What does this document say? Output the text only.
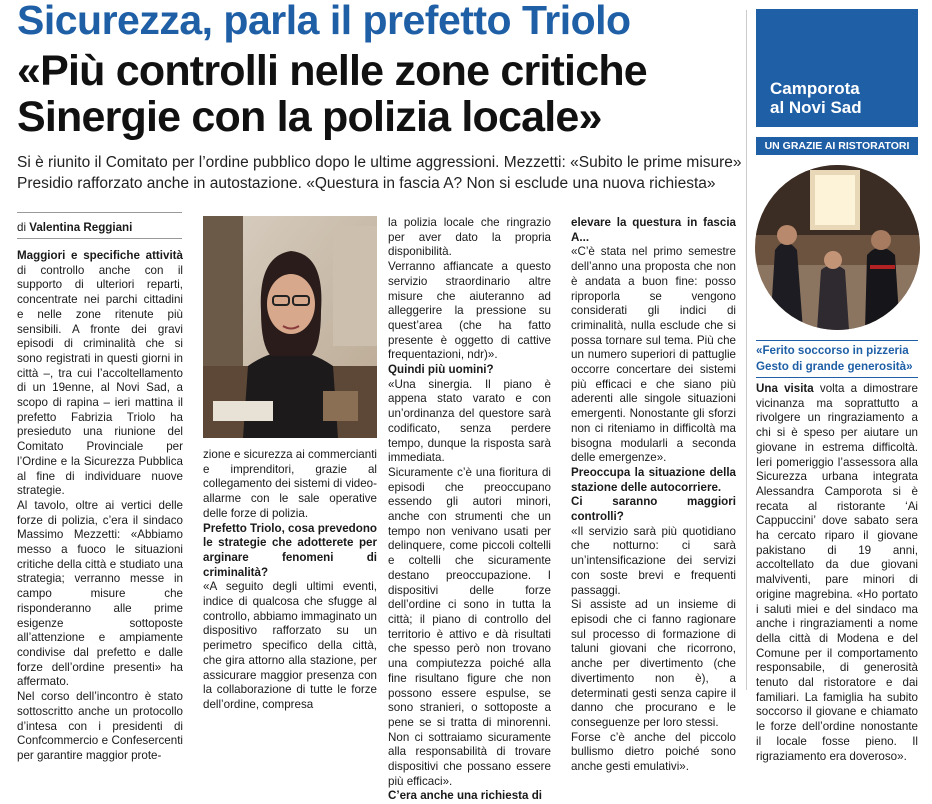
Sicurezza, parla il prefetto Triolo
«Più controlli nelle zone critiche
Sinergie con la polizia locale»
Si è riunito il Comitato per l’ordine pubblico dopo le ultime aggressioni. Mezzetti: «Subito le prime misure»
Presidio rafforzato anche in autostazione. «Questura in fascia A? Non si esclude una nuova richiesta»
di Valentina Reggiani

Maggiori e specifiche attività di controllo anche con il supporto di ulteriori reparti, concentrate nei parchi cittadini e nelle zone ritenute più sensibili. A fronte dei gravi episodi di criminalità che si sono registrati in questi giorni in città –, tra cui l’accoltellamento di un 19enne, al Novi Sad, a scopo di rapina – ieri mattina il prefetto Fabrizia Triolo ha presieduto una riunione del Comitato Provinciale per l’Ordine e la Sicurezza Pubblica al fine di individuare nuove strategie.

Al tavolo, oltre ai vertici delle forze di polizia, c’era il sindaco Massimo Mezzetti: «Abbiamo messo a fuoco le situazioni critiche della città e studiato una strategia; verranno messe in campo misure che risponderanno alle prime esigenze sottoposte all’attenzione e ampiamente condivise dal prefetto e dalle forze dell’ordine presenti» ha affermato.

Nel corso dell’incontro è stato sottoscritto anche un protocollo d’intesa con i presidenti di Confcommercio e Confesercenti per garantire maggior prote-

zione e sicurezza ai commercianti e imprenditori, grazie al collegamento dei sistemi di video-allarme con le sale operative delle forze di polizia.

Prefetto Triolo, cosa prevedono le strategie che adotterete per arginare fenomeni di criminalità?

«A seguito degli ultimi eventi, indice di qualcosa che sfugge al controllo, abbiamo immaginato un dispositivo rafforzato su un perimetro specifico della città, che gira attorno alla stazione, per assicurare maggior presenza con la collaborazione di tutte le forze dell’ordine, compresa

la polizia locale che ringrazio per aver dato la propria disponibilità.

Verranno affiancate a questo servizio straordinario altre misure che aiuteranno ad alleggerire la pressione su quest’area (che ha fatto presente è oggetto di cattive frequentazioni, ndr)».

Quindi più uomini?

«Una sinergia. Il piano è appena stato varato e con un’ordinanza del questore sarà codificato, senza perdere tempo, dunque la risposta sarà immediata.

Sicuramente c’è una fioritura di episodi che preoccupano essendo gli autori minori, anche con strumenti che un tempo non venivano usati per delinquere, come piccoli coltelli e coltelli che sicuramente destano preoccupazione. I dispositivi delle forze dell’ordine ci sono in tutta la città; il piano di controllo del territorio è attivo e dà risultati che spesso però non trovano una compiutezza poiché alla fine risultano figure che non possono essere espulse, se sono stranieri, o sottoposte a pene se si tratta di minorenni. Non ci sottraiamo sicuramente alla responsabilità di trovare dispositivi che possano essere più efficaci».

C’era anche una richiesta di

elevare la questura in fascia A...

«C’è stata nel primo semestre dell’anno una proposta che non è andata a buon fine: posso riproporla se vengono considerati gli indici di criminalità, nulla esclude che si possa tornare sul tema. Più che un numero superiori di pattuglie occorre concertare dei sistemi più efficaci e che siano più aderenti alle singole situazioni emergenti. Nonostante gli sforzi non ci riteniamo in difficoltà ma bisogna modularli a seconda delle emergenze».

Preoccupa la situazione della stazione delle autocorriere.

Ci saranno maggiori controlli?

«Il servizio sarà più quotidiano che notturno: ci sarà un’intensificazione dei servizi con soste brevi e frequenti passaggi.

Si assiste ad un insieme di episodi che ci fanno ragionare sul processo di formazione di taluni giovani che ricorrono, anche per divertimento (che divertimento non è), a determinati gesti senza capire il danno che procurano e le conseguenze per loro stessi.

Forse c’è anche del piccolo bullismo dietro poiché sono anche gesti emulativi».

Camporota
al Novi Sad
UN GRAZIE AI RISTORATORI
«Ferito soccorso in pizzeria
Gesto di grande generosità»

Una visita volta a dimostrare vicinanza ma soprattutto a rivolgere un ringraziamento a chi si è speso per aiutare un giovane in estrema difficoltà. Ieri pomeriggio l’assessora alla Sicurezza urbana integrata Alessandra Camporota si è recata al ristorante ‘Ai Cappuccini’ dove sabato sera ha cercato riparo il giovane pakistano di 19 anni, accoltellato da due giovani malviventi, pare minori di origine magrebina. «Ho portato i saluti miei e del sindaco ma anche i ringraziamenti a nome della città di Modena e del Comune per il comportamento responsabile, di generosità tenuto dal ristoratore e dai familiari. La famiglia ha subito soccorso il giovane e chiamato le forze dell’ordine nonostante il locale fosse pieno. Il rigraziamento era doveroso».
